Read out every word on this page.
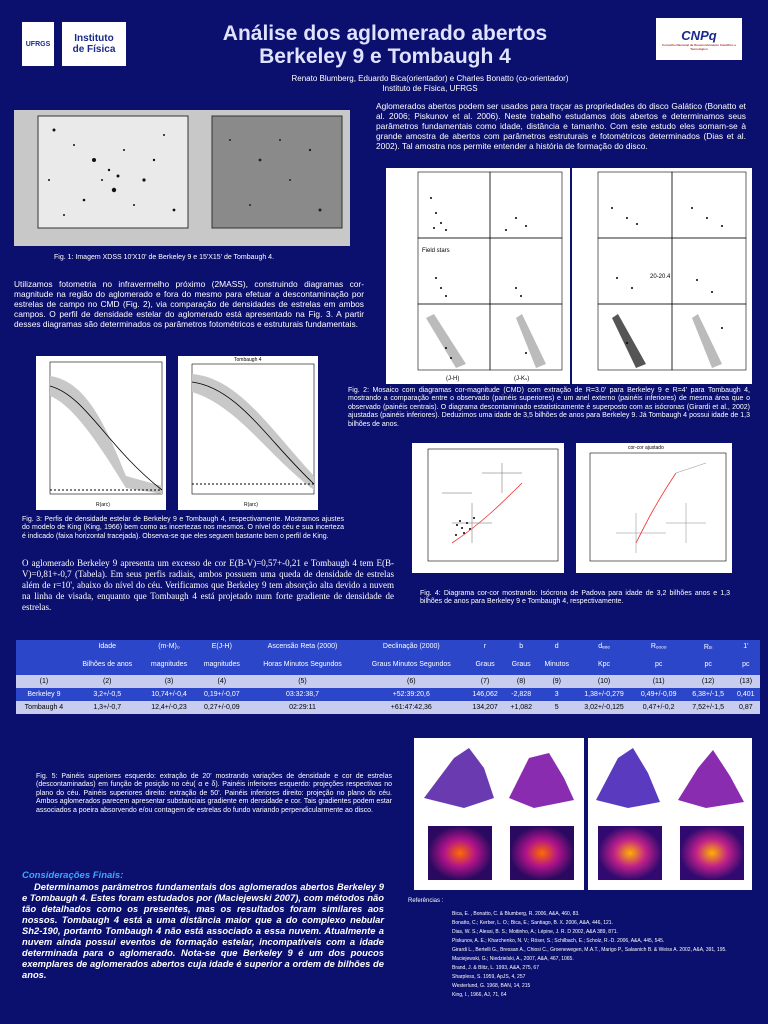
UFRGS Instituto
de Física
CNPq
Conselho Nacional de Desenvolvimento Científico e Tecnológico
Análise dos aglomerado abertos
Berkeley 9 e Tombaugh 4
Renato Blumberg, Eduardo Bica(orientador) e Charles Bonatto (co-orientador)
Instituto de Física, UFRGS
Aglomerados abertos podem ser usados para traçar as propriedades do disco Galático (Bonatto et al. 2006; Piskunov et al. 2006). Neste trabalho estudamos dois abertos e determinamos seus parâmetros fundamentais como idade, distância e tamanho. Com este estudo eles somam-se à grande amostra de abertos com parâmetros estruturais e fotométricos determinados (Dias et al. 2002). Tal amostra nos permite entender a história de formação do disco.
Fig. 1: Imagem XDSS 10'X10' de Berkeley 9 e 15'X15' de Tombaugh 4.
Field stars
(J-H)	(J-Kₛ)
20-20.4
Utilizamos fotometria no infravermelho próximo (2MASS), construindo diagramas cor-magnitude na região do aglomerado e fora do mesmo para efetuar a descontaminação por estrelas de campo no CMD (Fig. 2), via comparação de densidades de estrelas em ambos campos. O perfil de densidade estelar do aglomerado está apresentado na Fig. 3. A partir desses diagramas são determinados os parâmetros fotométricos e estruturais fundamentais.
Fig. 2: Mosaico com diagramas cor-magnitude (CMD) com extração de R=3.0' para Berkeley 9 e R=4' para Tombaugh 4, mostrando a comparação entre o observado (painéis superiores) e um anel externo (painéis inferiores) de mesma área que o observado (painéis centrais). O diagrama descontaminado estatisticamente é superposto com as isócronas (Girardi et al., 2002) ajustadas (painéis inferiores). Deduzimos uma idade de 3,5 bilhões de anos para Berkeley 9. Já Tombaugh 4 possui idade de 1,3 bilhões de anos.
R(arc)
Tombaugh 4
R(arc)
cor-cor ajustado
Fig. 3: Perfis de densidade estelar de Berkeley 9 e Tombaugh 4, respectivamente. Mostramos ajustes do modelo de King (King, 1966) bem como as incertezas nos mesmos. O nível do céu e sua incerteza é indicado (faixa horizontal tracejada). Observa-se que eles seguem bastante bem o perfil de King.
O aglomerado Berkeley 9 apresenta um excesso de cor E(B-V)=0,57+-0,21 e Tombaugh 4 tem E(B-V)=0,81+-0,7 (Tabela). Em seus perfis radiais, ambos possuem uma queda de densidade de estrelas além de r=10', abaixo do nível do céu. Verificamos que Berkeley 9 tem absorção alta devido a nuvem na linha de visada, enquanto que Tombaugh 4 está projetado num forte gradiente de densidade de estrelas.
Fig. 4: Diagrama cor-cor mostrando: Isócrona de Padova para idade de 3,2 bilhões anos e 1,3 bilhões de anos para Berkeley 9 e Tombaugh 4, respectivamente.
	Idade	(m-M)₀	E(J-H)	Ascensão Reta (2000)	Declinação (2000)	r	b	d	dₑₑₑ	Rₒₒₒₒ	Rₗₗₗ	1'
	Bilhões de anos	magnitudes	magnitudes	Horas Minutos Segundos	Graus Minutos Segundos	Graus	Graus	Minutos	Kpc	pc	pc	pc
(1)	(2)	(3)	(4)	(5)	(6)	(7)	(8)	(9)	(10)	(11)	(12)	(13)
Berkeley 9	3,2+/-0,5	10,74+/-0,4	0,19+/-0,07	03:32:38,7	+52:39:20,6	146,062	-2,828	3	1,38+/-0,279	0,49+/-0,09	6,38+/-1,5	0,401
Tombaugh 4	1,3+/-0,7	12,4+/-0,23	0,27+/-0,09	02:29:11	+61:47:42,36	134,207	+1,082	5	3,02+/-0,125	0,47+/-0,2	7,52+/-1,5	0,87
Fig. 5: Painéis superiores esquerdo: extração de 20' mostrando variações de densidade e cor de estrelas (descontaminadas) em função de posição no céu( α e δ). Painéis inferiores esquerdo: projeções respectivas no plano do céu. Painéis superiores direito: extração de 50'. Painéis inferiores direito: projeção no plano do céu. Ambos aglomerados parecem apresentar substanciais gradiente em densidade e cor. Tais gradientes podem estar associados a poeira absorvendo e/ou contagem de estrelas do fundo variando perpendicularmente ao disco.
Considerações Finais:
Determinamos parâmetros fundamentais dos aglomerados abertos Berkeley 9 e Tombaugh 4. Estes foram estudados por (Maciejewski 2007), com métodos não tão detalhados como os presentes, mas os resultados foram similares aos nossos. Tombaugh 4 está a uma distância maior que a do complexo nebular Sh2-190, portanto Tombaugh 4 não está associado a essa nuvem. Atualmente a nuvem ainda possui eventos de formação estelar, incompatíveis com a idade determinada para o aglomerado. Nota-se que Berkeley 9 é um dos poucos exemplares de aglomerados abertos cuja idade é superior a ordem de bilhões de anos.
Referências :
Bica, E. , Bonatto, C. & Blumberg, R. 2006, A&A, 460, 83.
Bonatto, C.; Kerber, L. O.; Bica, E.; Santiago, B. X. 2006, A&A, 446, 121.
Dias, W. S.; Alessi, B. S.; Moitinho, A.; Lépine, J. R. D 2002, A&A 389, 871.
Piskunov, A. E.; Kharchenko, N. V.; Röser, S.; Schilbach, E.; Scholz, R.-D. 2006, A&A, 445, 545.
Girardi L., Bertelli G., Bressan A., Chiosi C., Groenewegen, M.A.T., Marigo P., Salasnich B. & Weiss A. 2002, A&A, 391, 195.
Maciejewski, G.; Niedzielski, A., 2007, A&A, 467, 1065.
Brand, J. & Blitz, L. 1993, A&A, 275, 67
Sharpless, S. 1959, ApJS, 4, 257
Westerlund, G. 1968, BAN, 14, 215
King, I., 1966, AJ, 71, 64
